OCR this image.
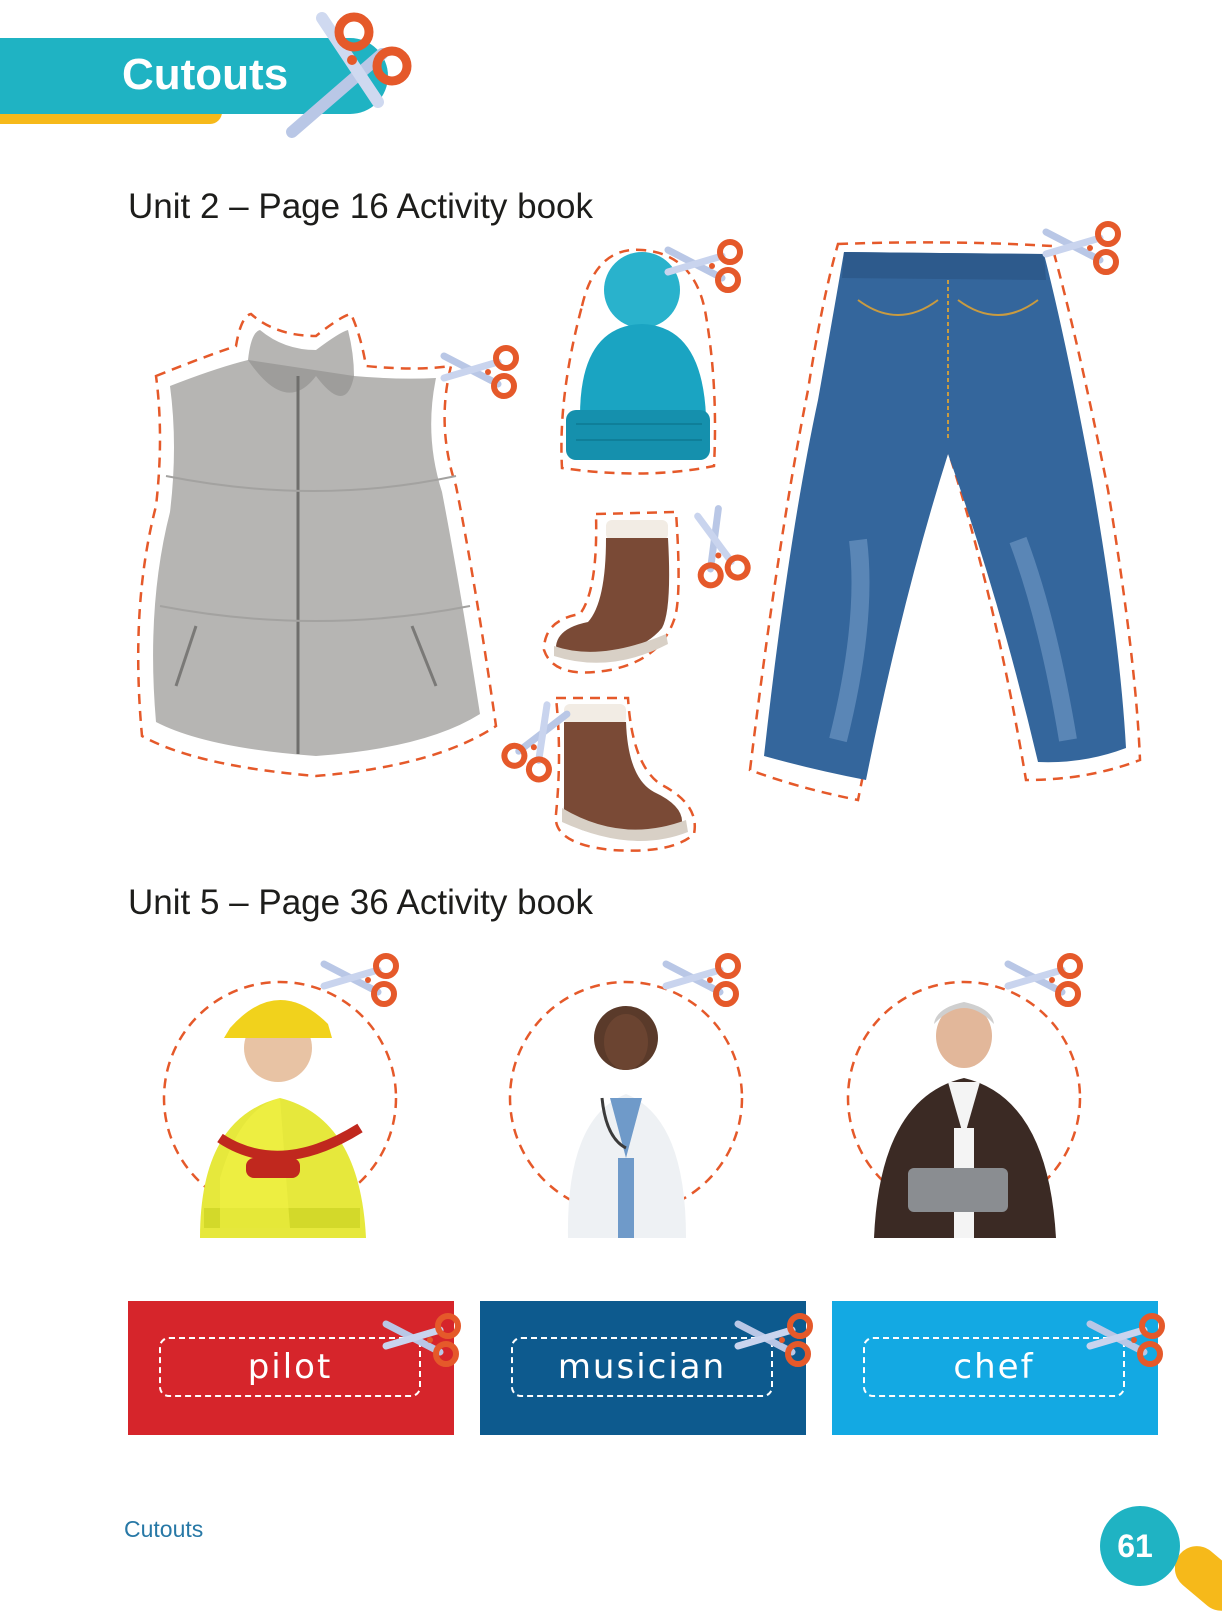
Cutouts
Unit 2 – Page 16 Activity book
Unit 5 – Page 36 Activity book
pilot	musician	chef
Cutouts	61
